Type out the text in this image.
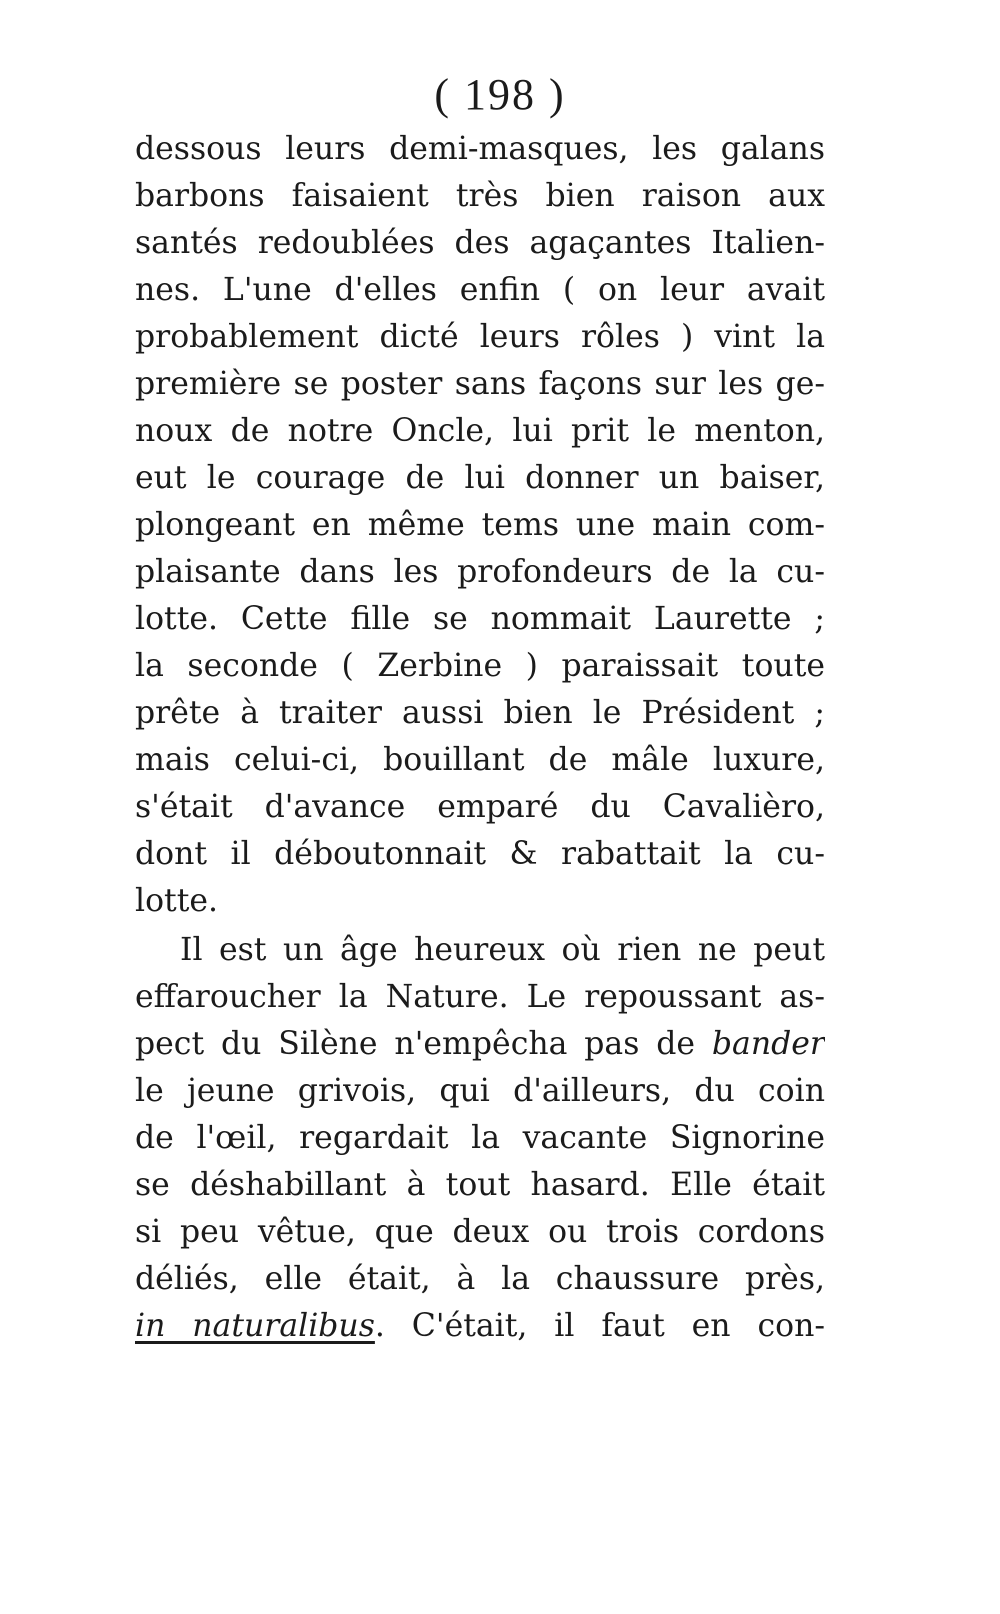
( 198 )
dessous leurs demi-masques, les galans
barbons faisaient très bien raison aux
santés redoublées des agaçantes Italien-
nes. L'une d'elles enfin ( on leur avait
probablement dicté leurs rôles ) vint la
première se poster sans façons sur les ge-
noux de notre Oncle, lui prit le menton,
eut le courage de lui donner un baiser,
plongeant en même tems une main com-
plaisante dans les profondeurs de la cu-
lotte. Cette fille se nommait Laurette ;
la seconde ( Zerbine ) paraissait toute
prête à traiter aussi bien le Président ;
mais celui-ci, bouillant de mâle luxure,
s'était d'avance emparé du Cavalièro,
dont il déboutonnait & rabattait la cu-
lotte.
Il est un âge heureux où rien ne peut
effaroucher la Nature. Le repoussant as-
pect du Silène n'empêcha pas de bander
le jeune grivois, qui d'ailleurs, du coin
de l'œil, regardait la vacante Signorine
se déshabillant à tout hasard. Elle était
si peu vêtue, que deux ou trois cordons
déliés, elle était, à la chaussure près,
in naturalibus. C'était, il faut en con-
